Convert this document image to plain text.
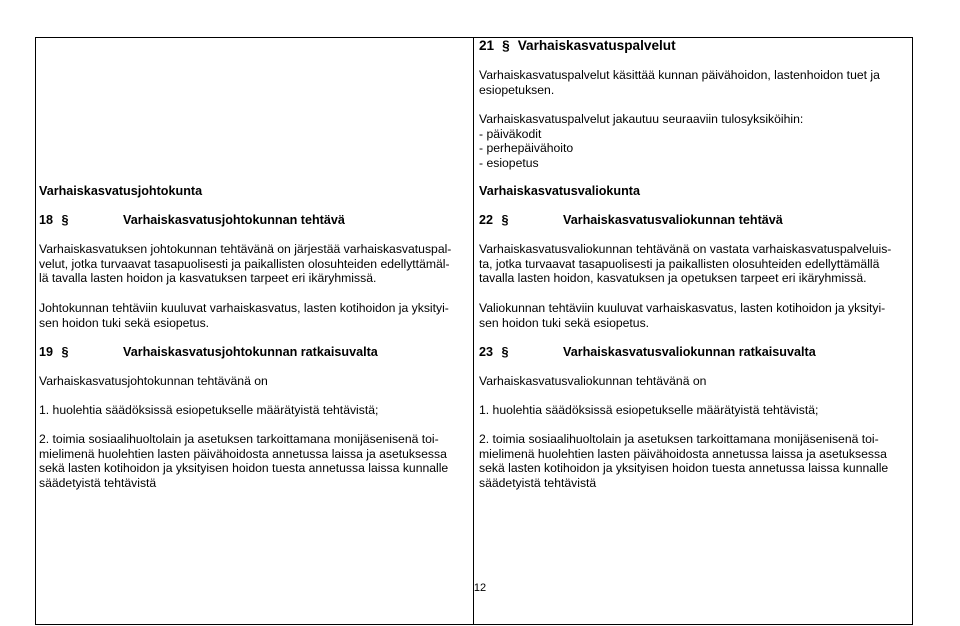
21 § Varhaiskasvatuspalvelut
Varhaiskasvatuspalvelut käsittää kunnan päivähoidon, lastenhoidon tuet ja
esiopetuksen.
Varhaiskasvatuspalvelut jakautuu seuraaviin tulosyksiköihin:
- päiväkodit
- perhepäivähoito
- esiopetus
Varhaiskasvatusvaliokunta
22 §	Varhaiskasvatusvaliokunnan tehtävä
Varhaiskasvatusvaliokunnan tehtävänä on vastata varhaiskasvatuspalveluis-
ta, jotka turvaavat tasapuolisesti ja paikallisten olosuhteiden edellyttämällä
tavalla lasten hoidon, kasvatuksen ja opetuksen tarpeet eri ikäryhmissä.
Valiokunnan tehtäviin kuuluvat varhaiskasvatus, lasten kotihoidon ja yksityi-
sen hoidon tuki sekä esiopetus.
23 §	Varhaiskasvatusvaliokunnan ratkaisuvalta
Varhaiskasvatusvaliokunnan tehtävänä on
1. huolehtia säädöksissä esiopetukselle määrätyistä tehtävistä;
2. toimia sosiaalihuoltolain ja asetuksen tarkoittamana monijäsenisenä toi-
mielimenä huolehtien lasten päivähoidosta annetussa laissa ja asetuksessa
sekä lasten kotihoidon ja yksityisen hoidon tuesta annetussa laissa kunnalle
säädetyistä tehtävistä
Varhaiskasvatusjohtokunta
18 §	Varhaiskasvatusjohtokunnan tehtävä
Varhaiskasvatuksen johtokunnan tehtävänä on järjestää varhaiskasvatuspal-
velut, jotka turvaavat tasapuolisesti ja paikallisten olosuhteiden edellyttämäl-
lä tavalla lasten hoidon ja kasvatuksen tarpeet eri ikäryhmissä.
Johtokunnan tehtäviin kuuluvat varhaiskasvatus, lasten kotihoidon ja yksityi-
sen hoidon tuki sekä esiopetus.
19 §	Varhaiskasvatusjohtokunnan ratkaisuvalta
Varhaiskasvatusjohtokunnan tehtävänä on
1. huolehtia säädöksissä esiopetukselle määrätyistä tehtävistä;
2. toimia sosiaalihuoltolain ja asetuksen tarkoittamana monijäsenisenä toi-
mielimenä huolehtien lasten päivähoidosta annetussa laissa ja asetuksessa
sekä lasten kotihoidon ja yksityisen hoidon tuesta annetussa laissa kunnalle
säädetyistä tehtävistä
12
